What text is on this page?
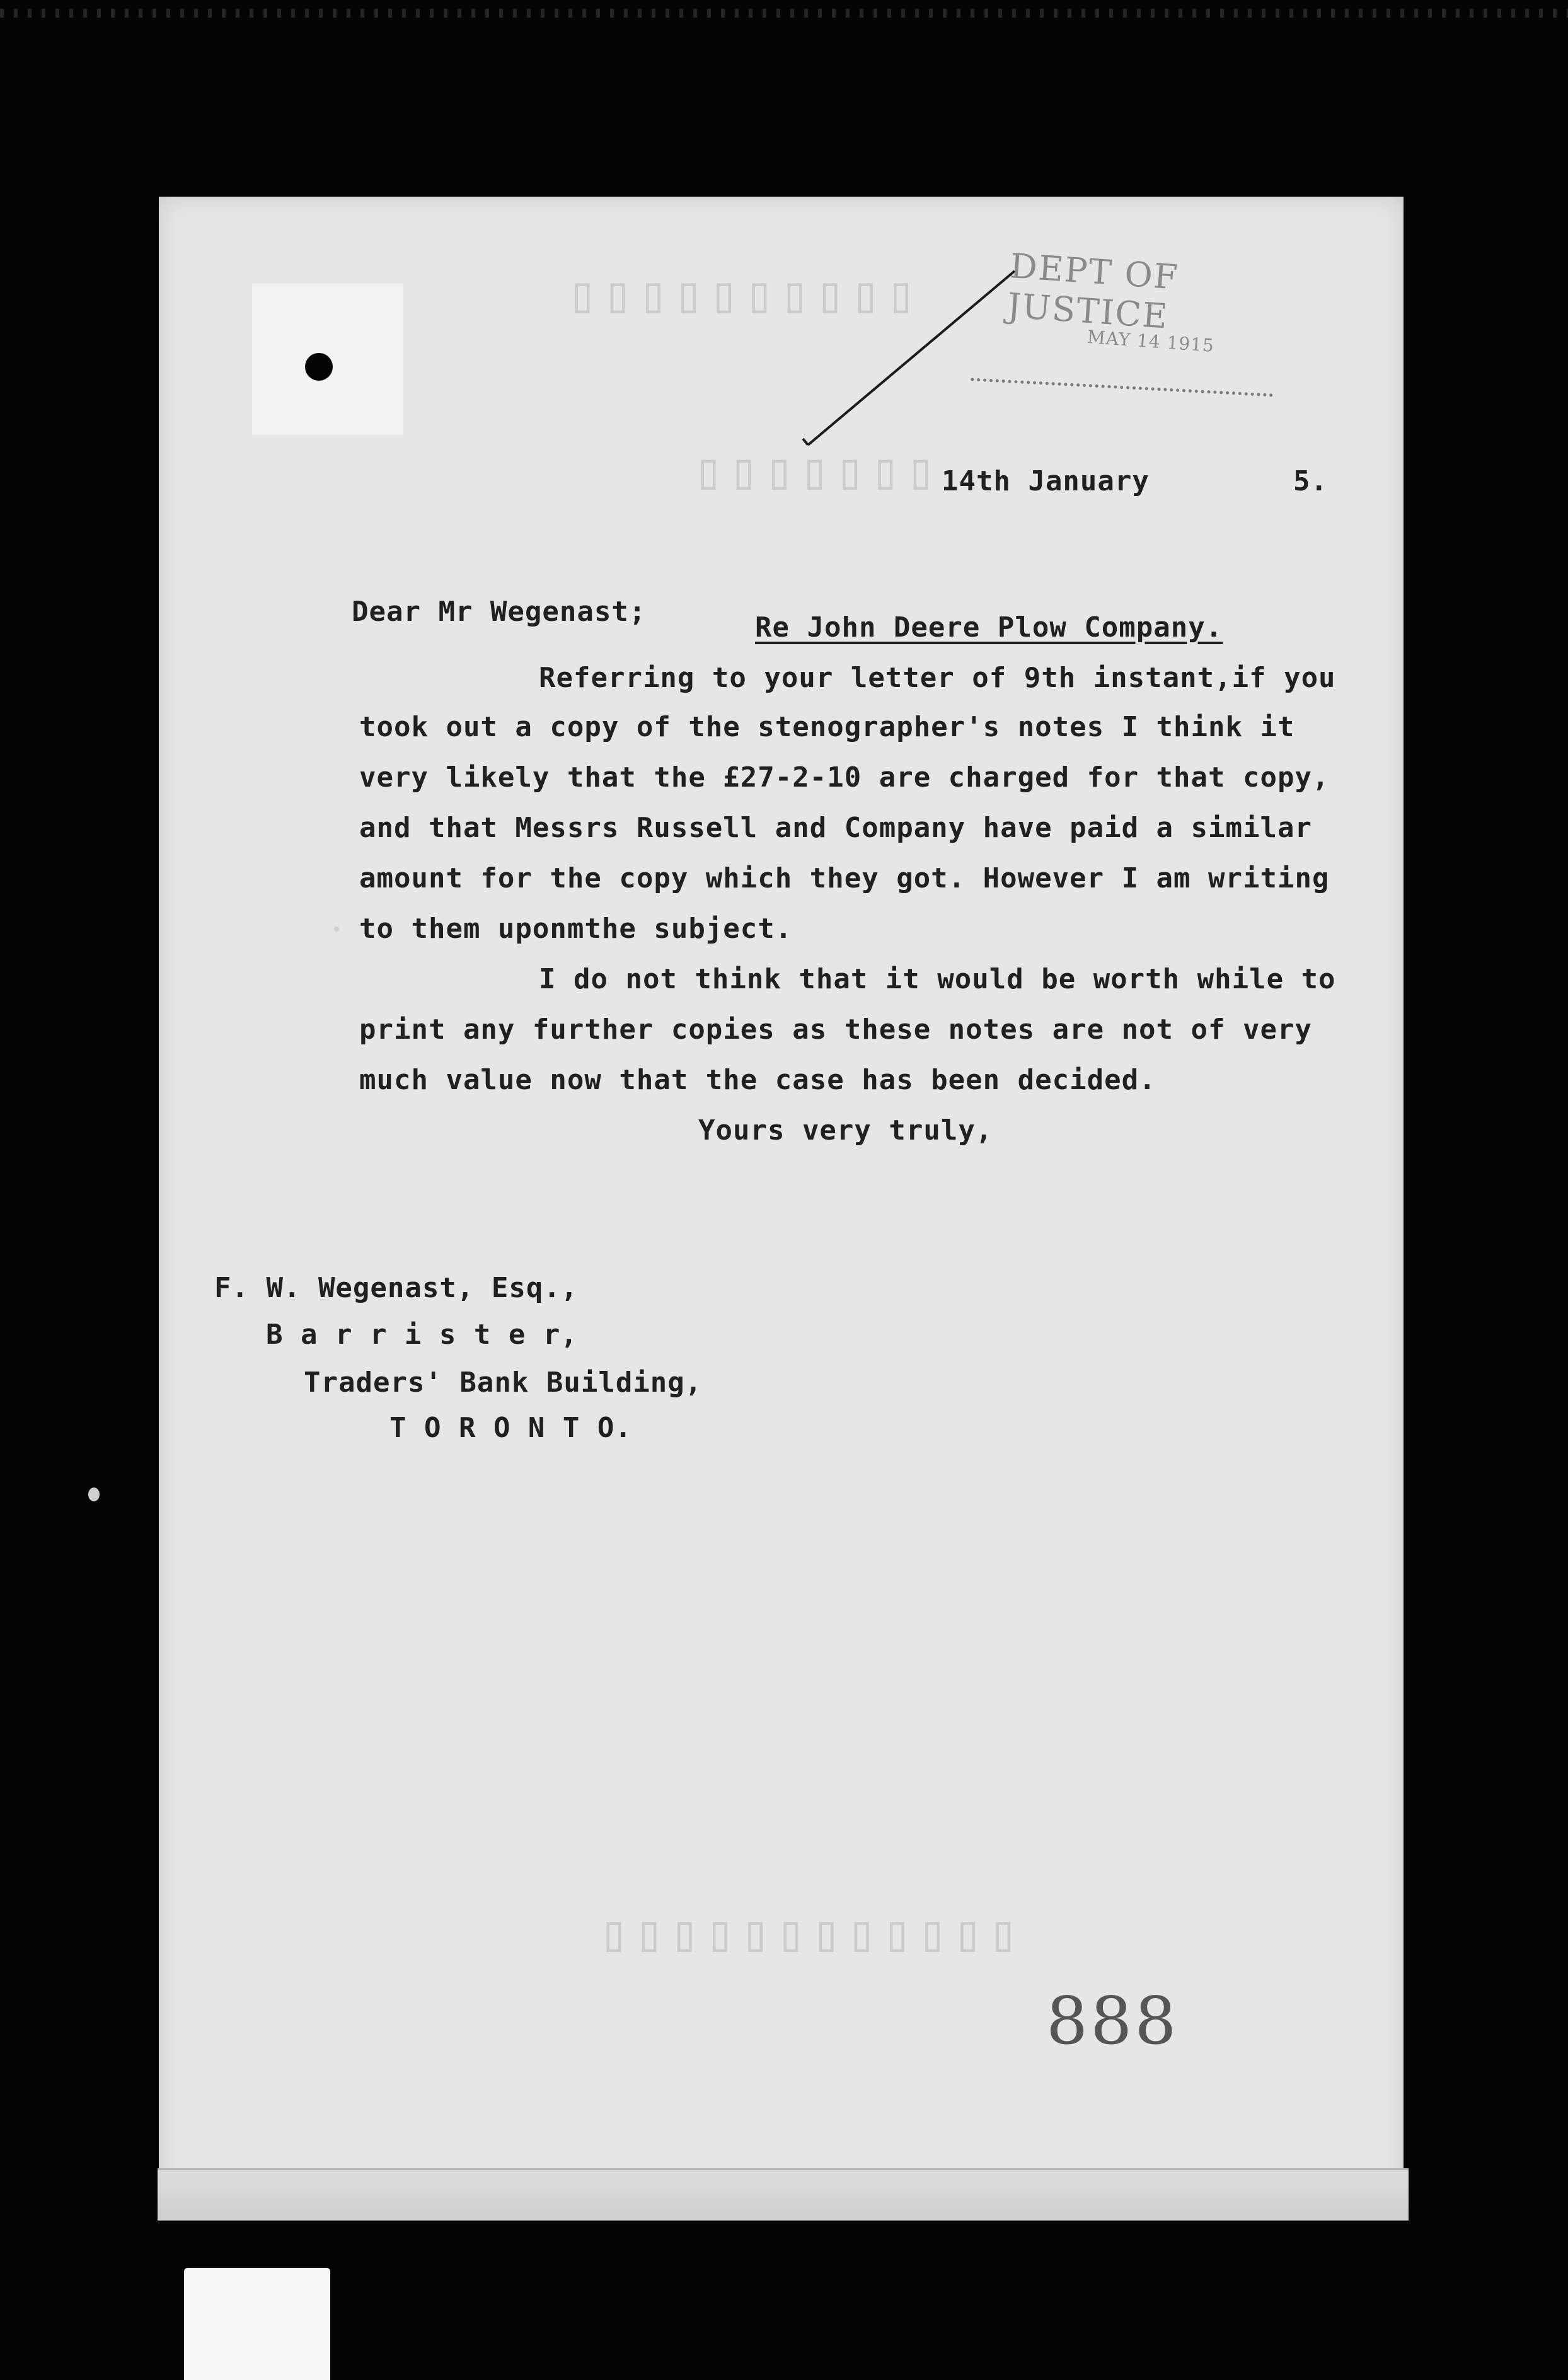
▯▯▯▯▯▯▯▯▯▯
▯▯▯▯▯▯▯
▯▯▯▯▯▯▯▯▯▯▯▯
DEPT OF JUSTICE
MAY 14 1915
14th January	5.
Dear Mr Wegenast;	Re John Deere Plow Company.
Referring to your letter of 9th instant,if you
took out a copy of the stenographer's notes I think it
very likely that the £27-2-10 are charged for that copy,
and that Messrs Russell and Company have paid a similar
amount for the copy which they got. However I am writing
to them uponmthe subject.
I do not think that it would be worth while to
print any further copies as these notes are not of very
much value now that the case has been decided.
Yours very truly,
F. W. Wegenast, Esq.,
B a r r i s t e r,
Traders' Bank Building,
T O R O N T O.
888
